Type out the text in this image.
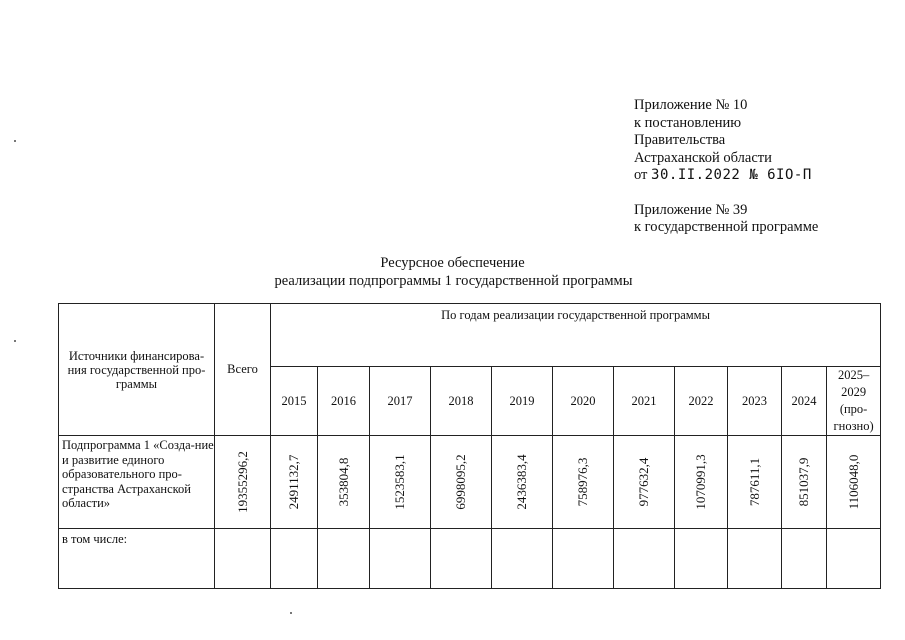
Приложение № 10
к постановлению
Правительства
Астраханской области
от 30.II.2022 № 6IO-П
Приложение № 39
к государственной программе
Ресурсное обеспечение
реализации подпрограммы 1 государственной программы
Источники финансирова-ния государственной про-граммы	Всего	По годам реализации государственной программы										
		2015	2016	2017	2018	2019	2020	2021	2022	2023	2024	2025–2029 (про-гнозно)
Подпрограмма 1 «Созда-ние и развитие единого образовательного про-странства Астраханской области»	19355296,2	2491132,7	353804,8	1523583,1	6998095,2	2436383,4	758976,3	977632,4	1070991,3	787611,1	851037,9	1106048,0

в том числе:												
